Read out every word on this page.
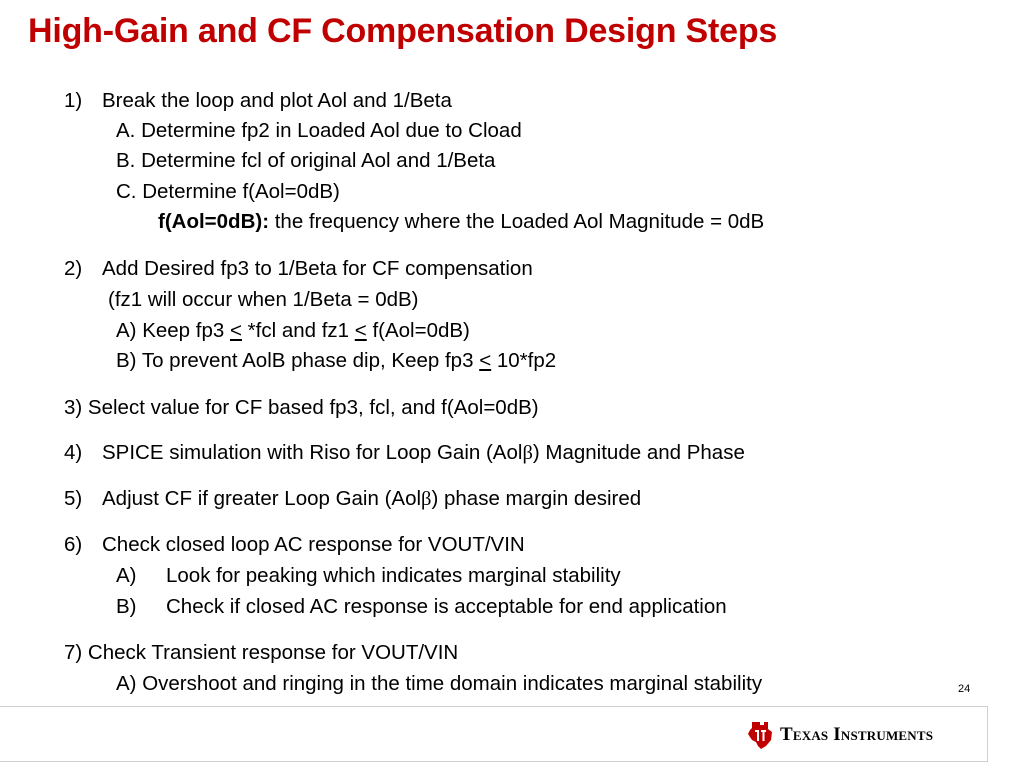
High-Gain and CF Compensation Design Steps
1) Break the loop and plot Aol and 1/Beta
A. Determine fp2 in Loaded Aol due to Cload
B. Determine fcl of original Aol and 1/Beta
C. Determine f(Aol=0dB)
f(Aol=0dB): the frequency where the Loaded Aol Magnitude = 0dB
2) Add Desired fp3 to 1/Beta for CF compensation
(fz1 will occur when 1/Beta = 0dB)
A) Keep fp3 < *fcl and fz1 < f(Aol=0dB)
B) To prevent AolB phase dip, Keep fp3 ≤ 10*fp2
3) Select value for CF based fp3, fcl, and f(Aol=0dB)
4) SPICE simulation with Riso for Loop Gain (Aolβ) Magnitude and Phase
5) Adjust CF if greater Loop Gain (Aolβ) phase margin desired
6) Check closed loop AC response for VOUT/VIN
A) Look for peaking which indicates marginal stability
B) Check if closed AC response is acceptable for end application
7) Check Transient response for VOUT/VIN
A) Overshoot and ringing in the time domain indicates marginal stability	24
Texas Instruments
